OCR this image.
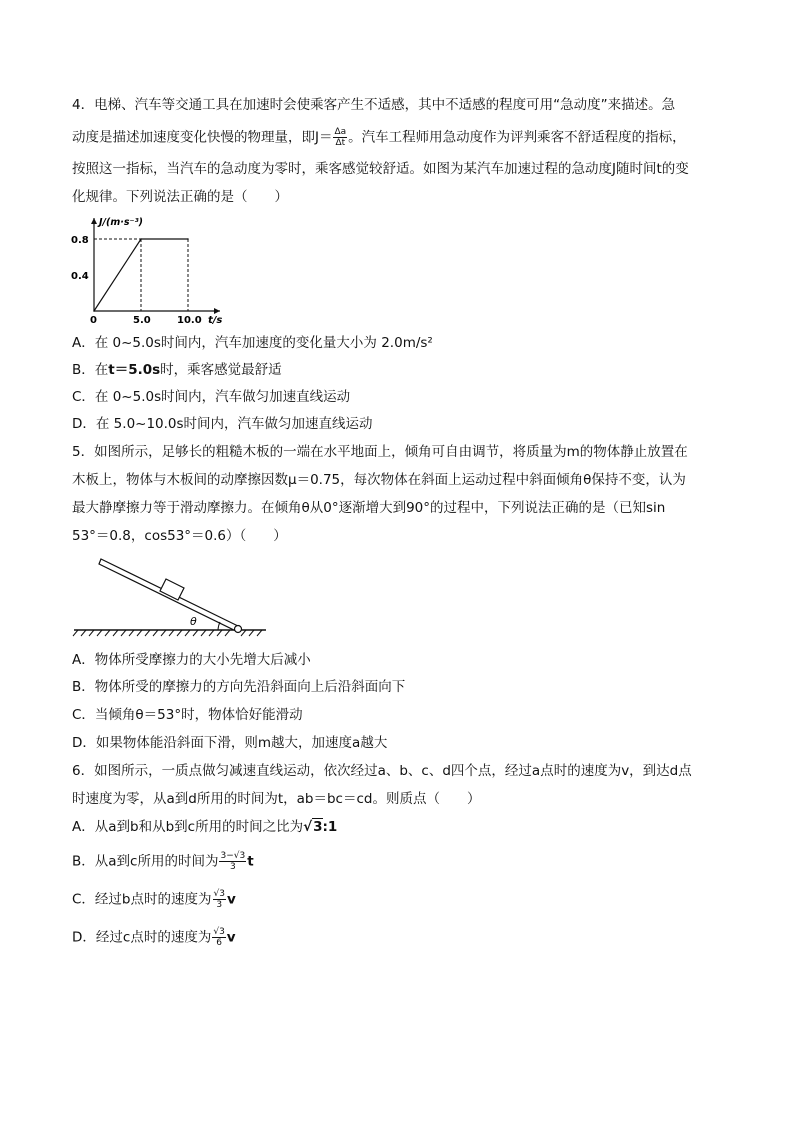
4．电梯、汽车等交通工具在加速时会使乘客产生不适感，其中不适感的程度可用“急动度”来描述。急
动度是描述加速度变化快慢的物理量，即$J= \frac{\Delta a}{\Delta t}$ 。汽车工程师用急动度作为评判乘客不舒适程度的指标，
按照这一指标，当汽车的急动度为零时，乘客感觉较舒适。如图为某汽车加速过程的急动度J随时间t的变
化规律。下列说法正确的是（　　）
0	5.0	10.0
0.4
0.8
J/(m·s⁻³)
t/s
A．在 0~5.0s时间内，汽车加速度的变化量大小为 2.0m/s²
B．在t＝5.0s时，乘客感觉最舒适
C．在 0~5.0s时间内，汽车做匀加速直线运动
D．在 5.0~10.0s时间内，汽车做匀加速直线运动
5．如图所示，足够长的粗糙木板的一端在水平地面上，倾角可自由调节，将质量为m的物体静止放置在
木板上，物体与木板间的动摩擦因数μ＝0.75，每次物体在斜面上运动过程中斜面倾角θ保持不变，认为
最大静摩擦力等于滑动摩擦力。在倾角θ从0°逐渐增大到90°的过程中，下列说法正确的是（已知sin
53°＝0.8，cos53°＝0.6）（　　）
θ
A．物体所受摩擦力的大小先增大后减小
B．物体所受的摩擦力的方向先沿斜面向上后沿斜面向下
C．当倾角θ＝53°时，物体恰好能滑动
D．如果物体能沿斜面下滑，则m越大，加速度a越大
6．如图所示，一质点做匀减速直线运动，依次经过a、b、c、d四个点，经过a点时的速度为v，到达d点
时速度为零，从a到d所用的时间为t，ab＝bc＝cd。则质点（　　）
A．从a到b和从b到c所用的时间之比为√3:1
B．从a到c所用的时间为 $\frac{3-√3}{3}$ t
C．经过b点时的速度为 $\frac{√3}{3}$ v
D．经过c点时的速度为 $\frac{√3}{6}$ v
